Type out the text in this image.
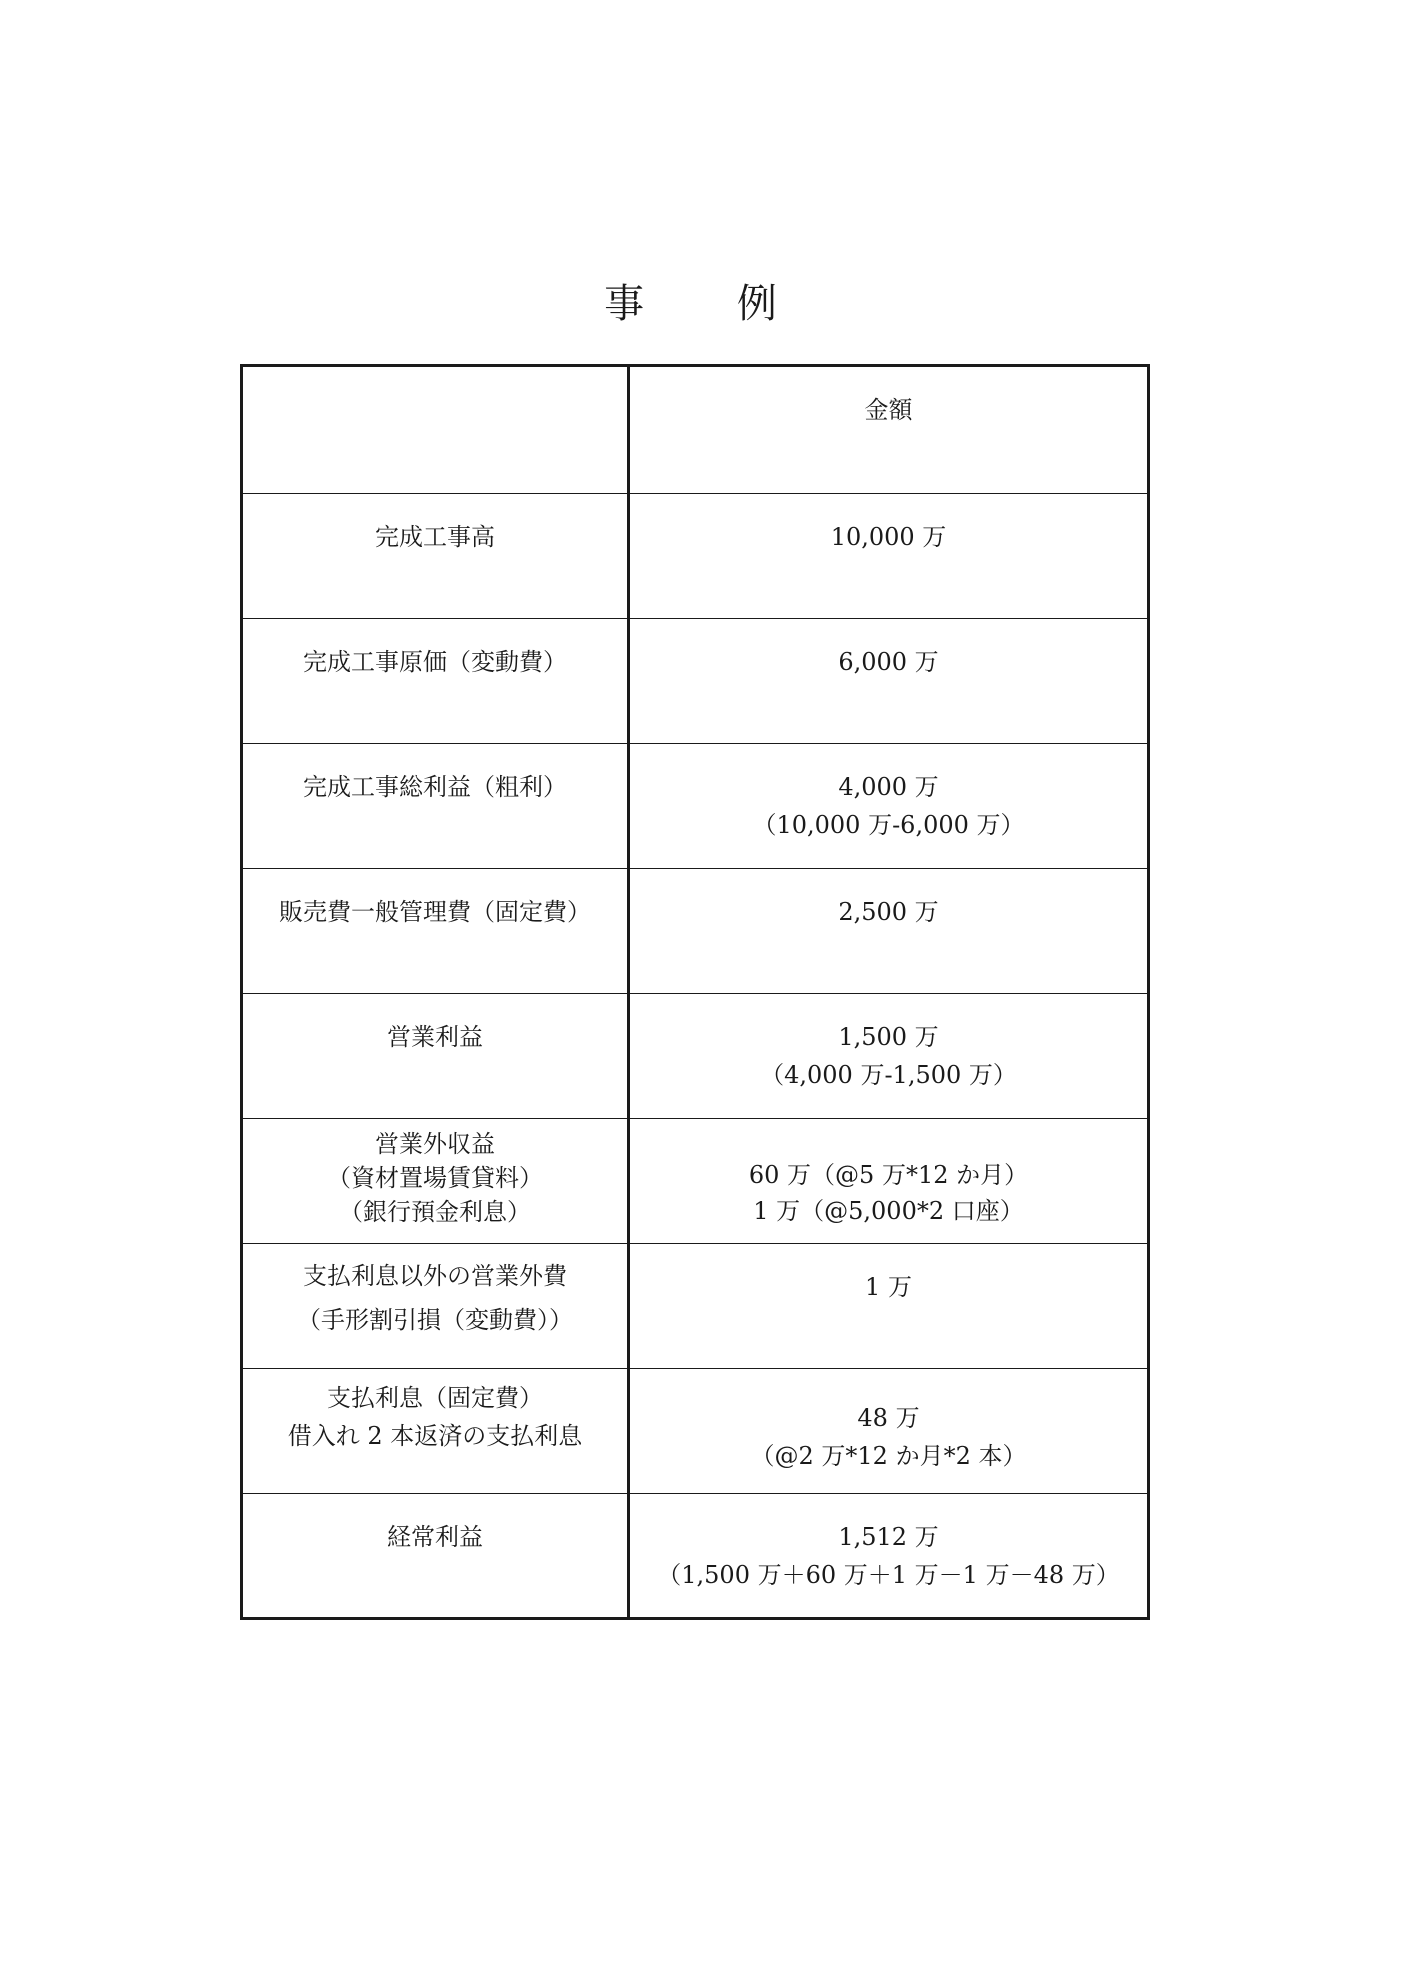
事 例
	金額

完成工事高	10,000 万

完成工事原価（変動費）	6,000 万

完成工事総利益（粗利）	4,000 万
（10,000 万-6,000 万）

販売費一般管理費（固定費）	2,500 万

営業利益	1,500 万
（4,000 万-1,500 万）

営業外収益
（資材置場賃貸料）
（銀行預金利息）	60 万（@5 万*12 か月）
1 万（@5,000*2 口座）

支払利息以外の営業外費
（手形割引損（変動費））	1 万

支払利息（固定費）
借入れ 2 本返済の支払利息	48 万
（@2 万*12 か月*2 本）

経常利益	1,512 万
（1,500 万＋60 万＋1 万－1 万－48 万）
